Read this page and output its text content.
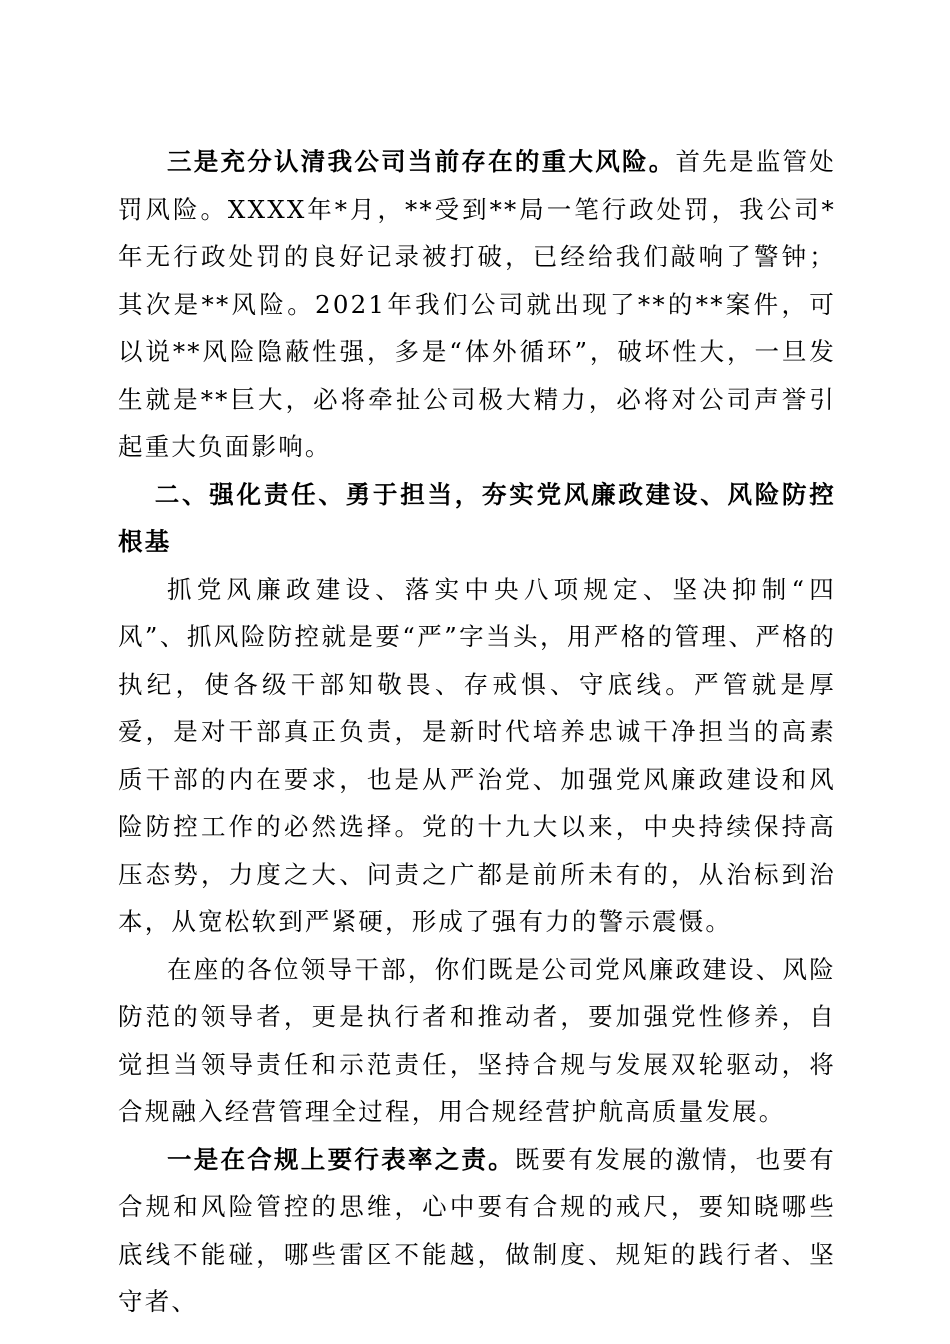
三是充分认清我公司当前存在的重大风险。首先是监管处罚风险。XXXX年*月，**受到**局一笔行政处罚，我公司*年无行政处罚的良好记录被打破，已经给我们敲响了警钟；其次是**风险。2021年我们公司就出现了**的**案件，可以说**风险隐蔽性强，多是“体外循环”，破坏性大，一旦发生就是**巨大，必将牵扯公司极大精力，必将对公司声誉引起重大负面影响。

二、强化责任、勇于担当，夯实党风廉政建设、风险防控根基

抓党风廉政建设、落实中央八项规定、坚决抑制“四风”、抓风险防控就是要“严”字当头，用严格的管理、严格的执纪，使各级干部知敬畏、存戒惧、守底线。严管就是厚爱，是对干部真正负责，是新时代培养忠诚干净担当的高素质干部的内在要求，也是从严治党、加强党风廉政建设和风险防控工作的必然选择。党的十九大以来，中央持续保持高压态势，力度之大、问责之广都是前所未有的，从治标到治本，从宽松软到严紧硬，形成了强有力的警示震慑。

在座的各位领导干部，你们既是公司党风廉政建设、风险防范的领导者，更是执行者和推动者，要加强党性修养，自觉担当领导责任和示范责任，坚持合规与发展双轮驱动，将合规融入经营管理全过程，用合规经营护航高质量发展。

一是在合规上要行表率之责。既要有发展的激情，也要有合规和风险管控的思维，心中要有合规的戒尺，要知晓哪些底线不能碰，哪些雷区不能越，做制度、规矩的践行者、坚守者、
